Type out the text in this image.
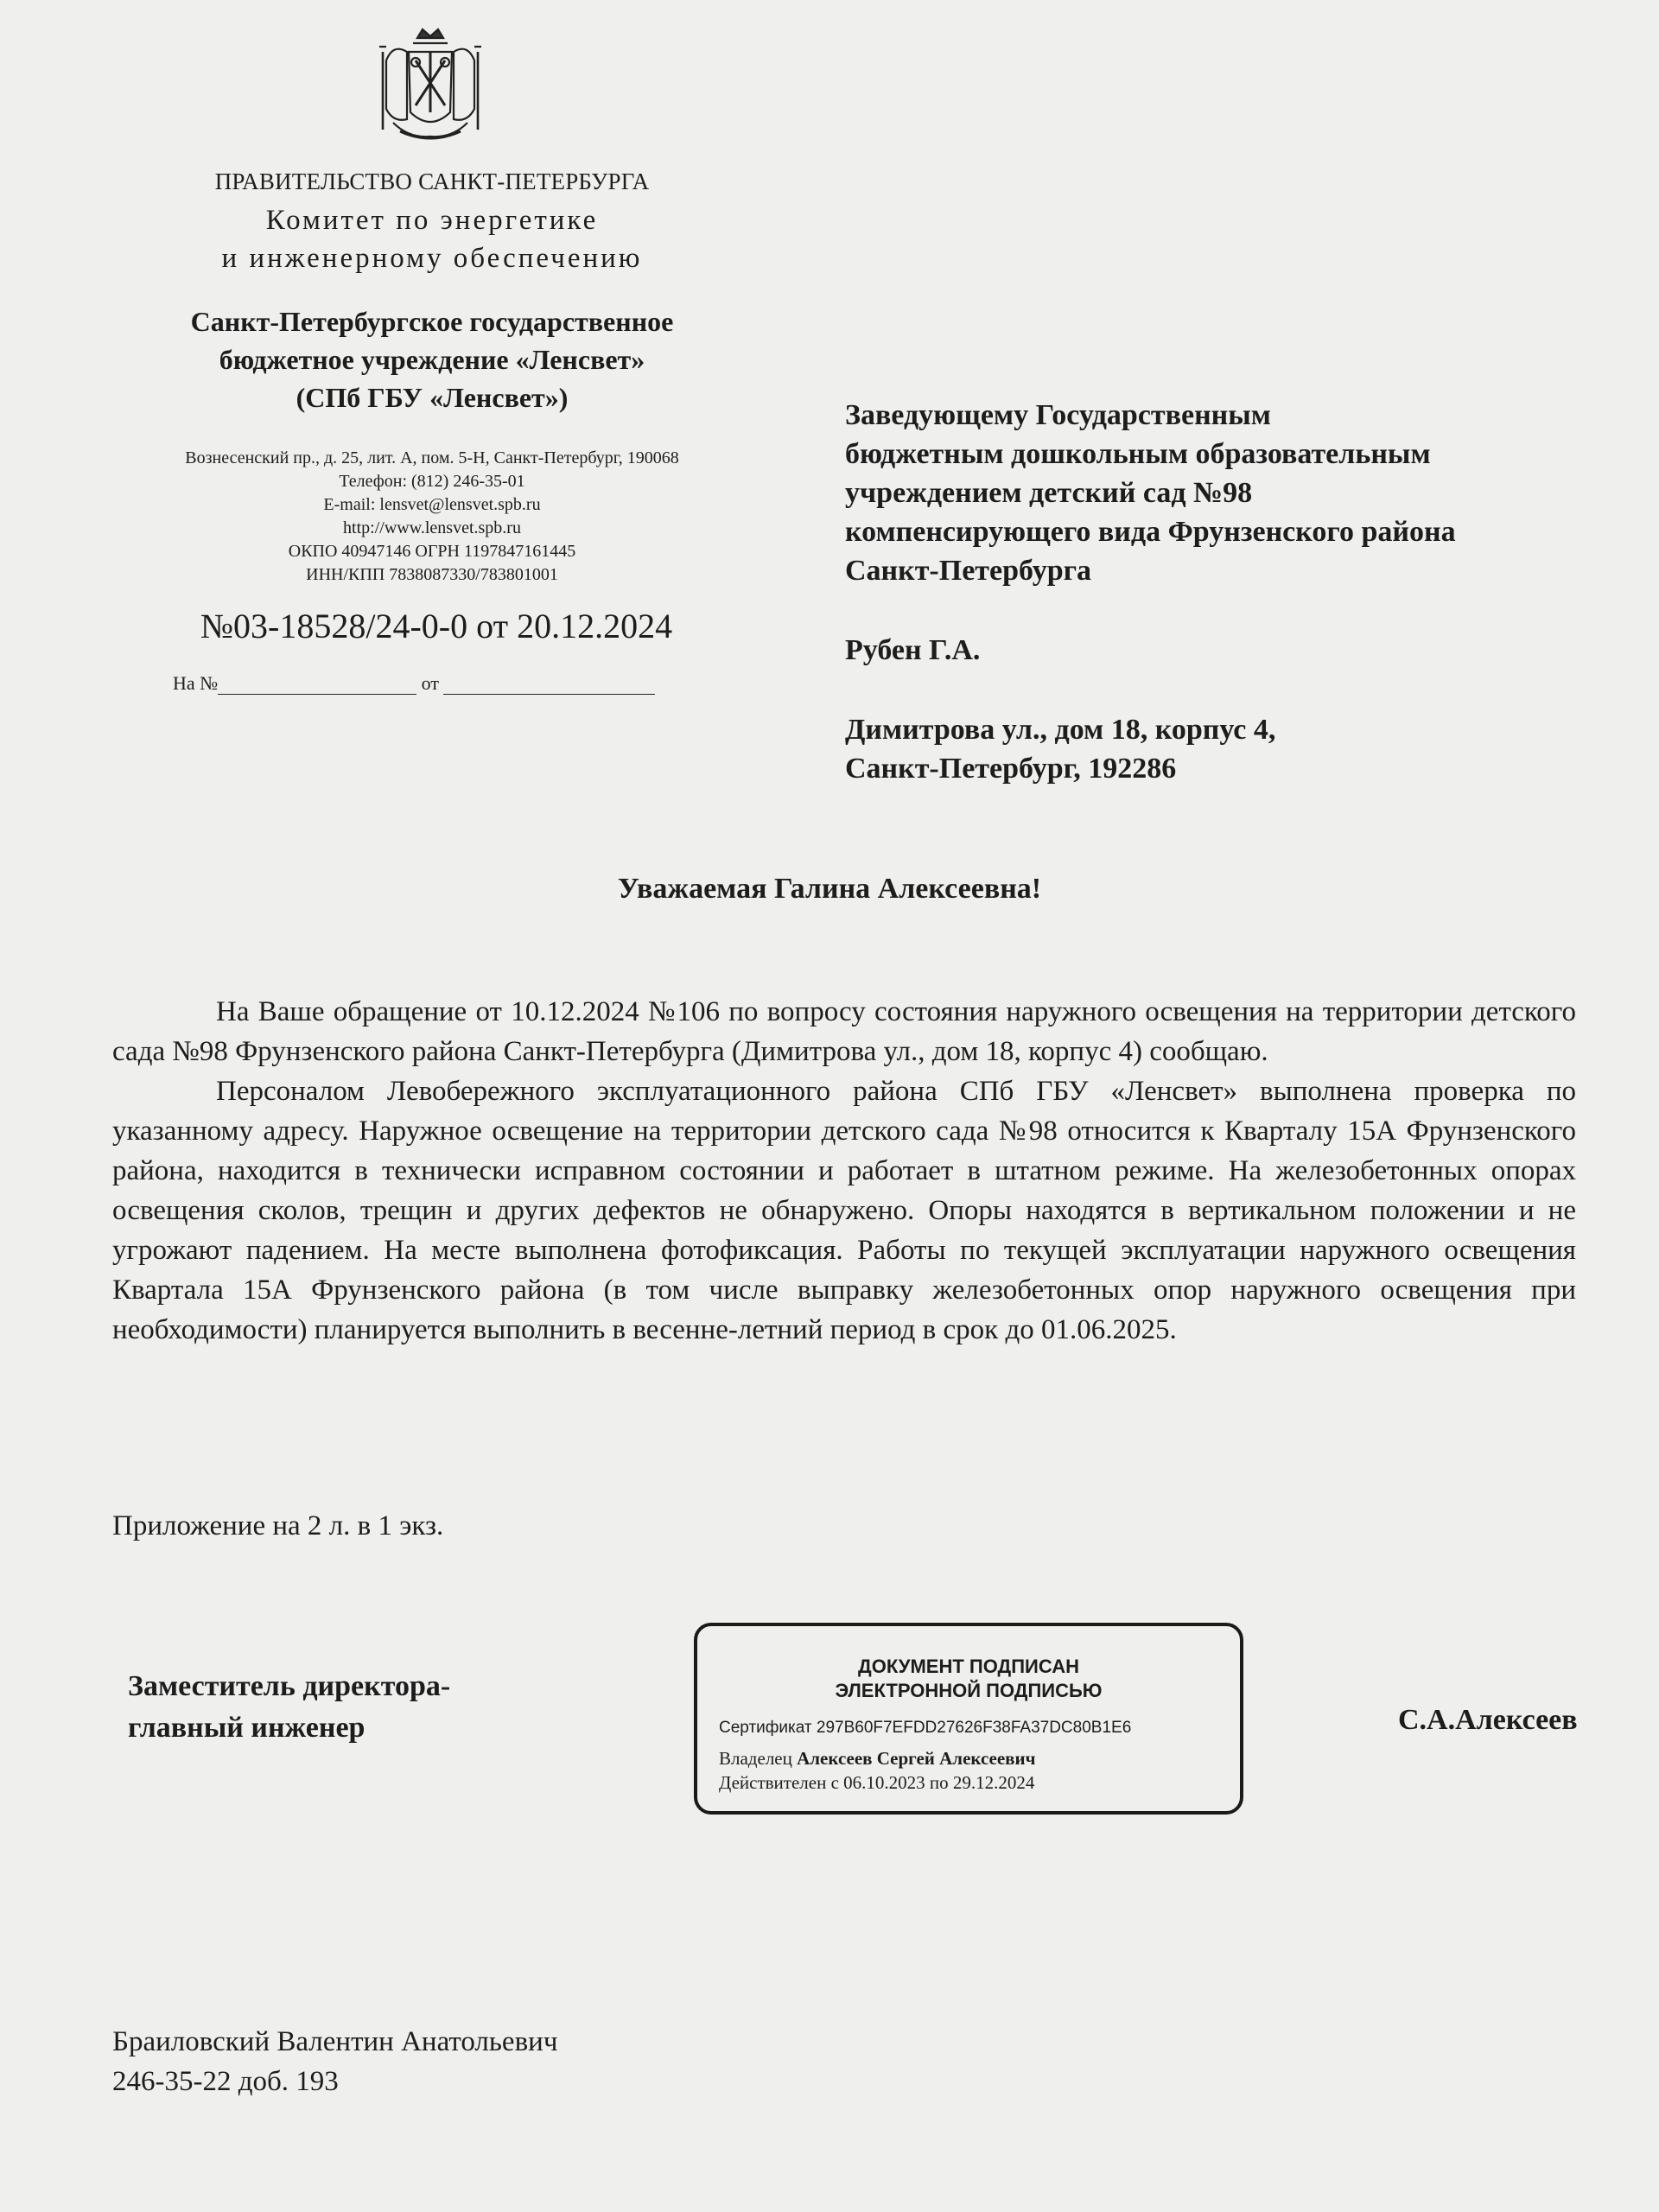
ПРАВИТЕЛЬСТВО САНКТ-ПЕТЕРБУРГА
Комитет по энергетике
и инженерному обеспечению
Санкт-Петербургское государственное
бюджетное учреждение «Ленсвет»
(СПб ГБУ «Ленсвет»)
Вознесенский пр., д. 25, лит. А, пом. 5-Н, Санкт-Петербург, 190068
Телефон: (812) 246-35-01
E-mail: lensvet@lensvet.spb.ru
http://www.lensvet.spb.ru
ОКПО 40947146 ОГРН 1197847161445
ИНН/КПП 7838087330/783801001
№03-18528/24-0-0 от 20.12.2024
На №	от
Заведующему Государственным
бюджетным дошкольным образовательным
учреждением детский сад №98
компенсирующего вида Фрунзенского района
Санкт-Петербурга
Рубен Г.А.
Димитрова ул., дом 18, корпус 4,
Санкт-Петербург, 192286
Уважаемая Галина Алексеевна!

На Ваше обращение от 10.12.2024 №106 по вопросу состояния наружного освещения на территории детского сада №98 Фрунзенского района Санкт-Петербурга (Димитрова ул., дом 18, корпус 4) сообщаю.

Персоналом Левобережного эксплуатационного района СПб ГБУ «Ленсвет» выполнена проверка по указанному адресу. Наружное освещение на территории детского сада №98 относится к Кварталу 15А Фрунзенского района, находится в технически исправном состоянии и работает в штатном режиме. На железобетонных опорах освещения сколов, трещин и других дефектов не обнаружено. Опоры находятся в вертикальном положении и не угрожают падением. На месте выполнена фотофиксация. Работы по текущей эксплуатации наружного освещения Квартала 15А Фрунзенского района (в том числе выправку железобетонных опор наружного освещения при необходимости) планируется выполнить в весенне-летний период в срок до 01.06.2025.

Приложение на 2 л. в 1 экз.
Заместитель директора-
главный инженер
ДОКУМЕНТ ПОДПИСАН
ЭЛЕКТРОННОЙ ПОДПИСЬЮ
Сертификат 297B60F7EFDD27626F38FA37DC80B1E6
Владелец Алексеев Сергей Алексеевич
Действителен с 06.10.2023 по 29.12.2024
С.А.Алексеев
Браиловский Валентин Анатольевич
246-35-22 доб. 193
